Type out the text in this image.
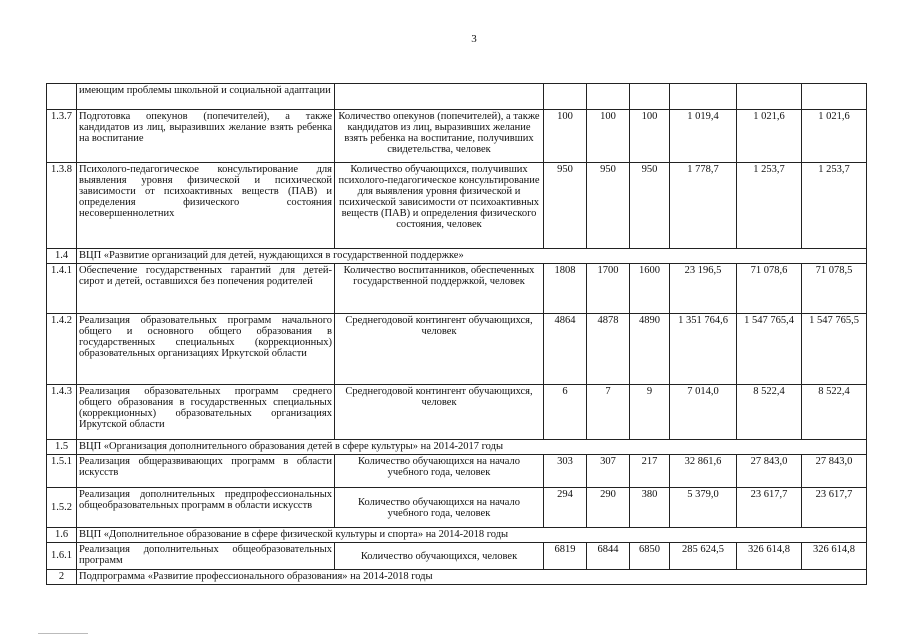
3
	имеющим проблемы школьной и социальной адаптации							
1.3.7	Подготовка опекунов (попечителей), а также кандидатов из лиц, выразивших желание взять ребенка на воспитание	Количество опекунов (попечителей), а также кандидатов из лиц, выразивших желание взять ребенка на воспитание, получивших свидетельства, человек	100	100	100	1 019,4	1 021,6	1 021,6
1.3.8	Психолого-педагогическое консультирование для выявления уровня физической и психической зависимости от психоактивных веществ (ПАВ) и определения физического состояния несовершеннолетних	Количество обучающихся, получивших психолого-педагогическое консультирование для выявления уровня физической и психической зависимости от психоактивных веществ (ПАВ) и определения физического состояния, человек	950	950	950	1 778,7	1 253,7	1 253,7
1.4	ВЦП «Развитие организаций для детей, нуждающихся в государственной поддержке»							
1.4.1	Обеспечение государственных гарантий для детей-сирот и детей, оставшихся без попечения родителей	Количество воспитанников, обеспеченных государственной поддержкой, человек	1808	1700	1600	23 196,5	71 078,6	71 078,5
1.4.2	Реализация образовательных программ начального общего и основного общего образования в государственных специальных (коррекционных) образовательных организациях Иркутской области	Среднегодовой контингент обучающихся, человек	4864	4878	4890	1 351 764,6	1 547 765,4	1 547 765,5
1.4.3	Реализация образовательных программ среднего общего образования в государственных специальных (коррекционных) образовательных организациях Иркутской области	Среднегодовой контингент обучающихся, человек	6	7	9	7 014,0	8 522,4	8 522,4
1.5	ВЦП «Организация дополнительного образования детей в сфере культуры» на 2014-2017 годы							
1.5.1	Реализация общеразвивающих программ в области искусств	Количество обучающихся на начало учебного года, человек	303	307	217	32 861,6	27 843,0	27 843,0
1.5.2	Реализация дополнительных предпрофессиональных общеобразовательных программ в области искусств	Количество обучающихся на начало учебного года, человек	294	290	380	5 379,0	23 617,7	23 617,7
1.6	ВЦП «Дополнительное образование в сфере физической культуры и спорта» на 2014-2018 годы							
1.6.1	Реализация дополнительных общеобразовательных программ	Количество обучающихся, человек	6819	6844	6850	285 624,5	326 614,8	326 614,8
2	Подпрограмма «Развитие профессионального образования» на 2014-2018 годы							
